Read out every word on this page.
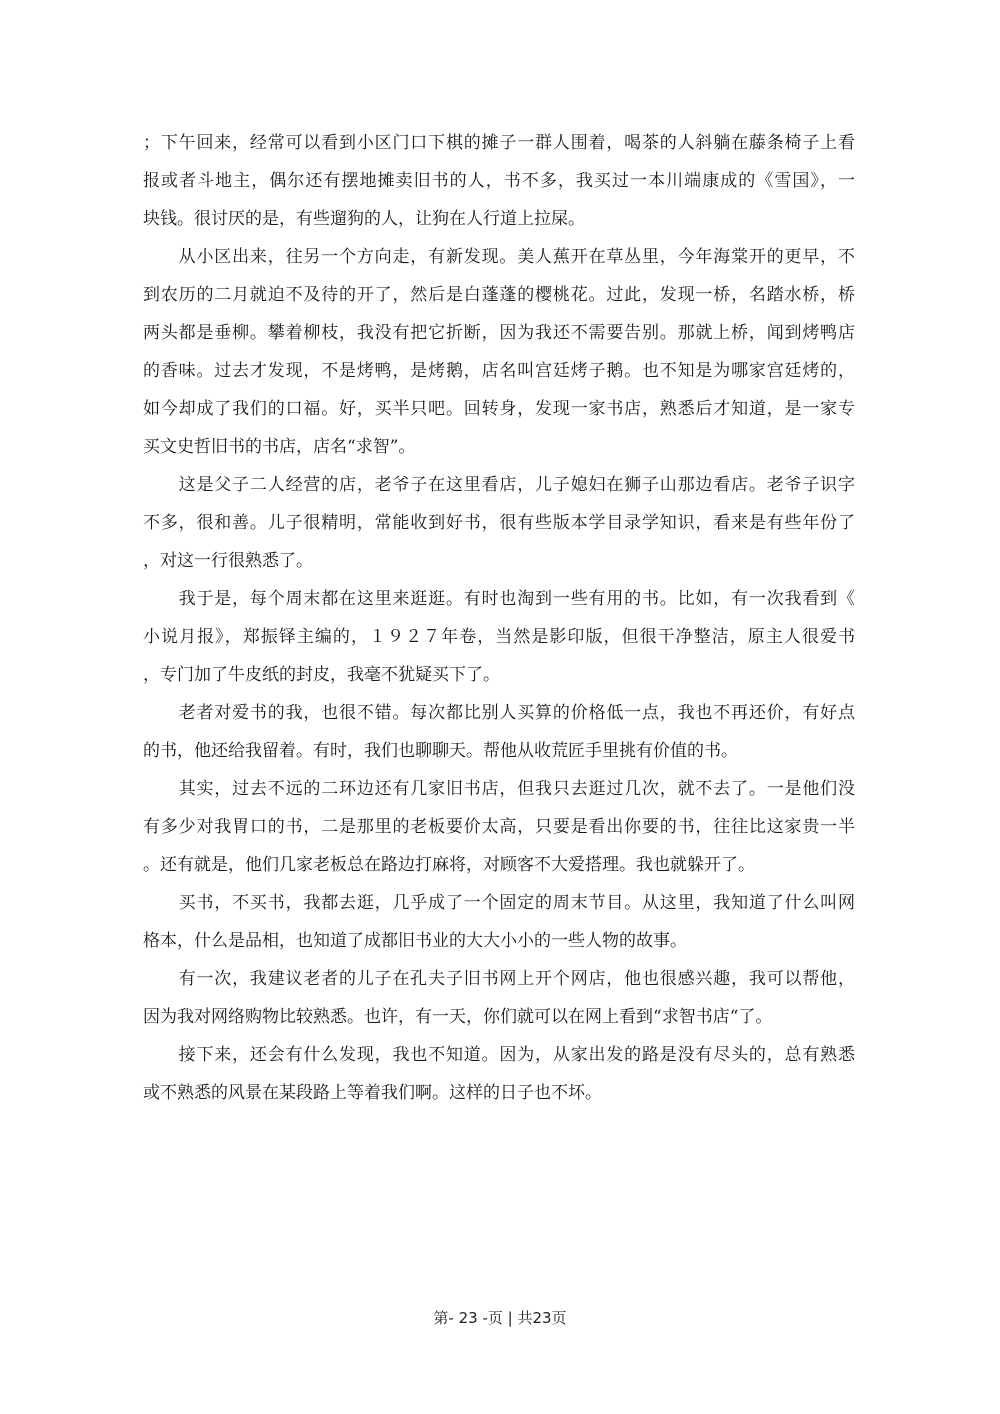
；下午回来，经常可以看到小区门口下棋的摊子一群人围着，喝茶的人斜躺在藤条椅子上看
报或者斗地主，偶尔还有摆地摊卖旧书的人，书不多，我买过一本川端康成的《雪国》，一
块钱。很讨厌的是，有些遛狗的人，让狗在人行道上拉屎。
　　从小区出来，往另一个方向走，有新发现。美人蕉开在草丛里，今年海棠开的更早，不
到农历的二月就迫不及待的开了，然后是白蓬蓬的樱桃花。过此，发现一桥，名踏水桥，桥
两头都是垂柳。攀着柳枝，我没有把它折断，因为我还不需要告别。那就上桥，闻到烤鸭店
的香味。过去才发现，不是烤鸭，是烤鹅，店名叫宫廷烤子鹅。也不知是为哪家宫廷烤的，
如今却成了我们的口福。好，买半只吧。回转身，发现一家书店，熟悉后才知道，是一家专
买文史哲旧书的书店，店名“求智”。
　　这是父子二人经营的店，老爷子在这里看店，儿子媳妇在狮子山那边看店。老爷子识字
不多，很和善。儿子很精明，常能收到好书，很有些版本学目录学知识，看来是有些年份了
，对这一行很熟悉了。
　　我于是，每个周末都在这里来逛逛。有时也淘到一些有用的书。比如，有一次我看到《
小说月报》，郑振铎主编的，１９２７年卷，当然是影印版，但很干净整洁，原主人很爱书
，专门加了牛皮纸的封皮，我毫不犹疑买下了。
　　老者对爱书的我，也很不错。每次都比别人买算的价格低一点，我也不再还价，有好点
的书，他还给我留着。有时，我们也聊聊天。帮他从收荒匠手里挑有价值的书。
　　其实，过去不远的二环边还有几家旧书店，但我只去逛过几次，就不去了。一是他们没
有多少对我胃口的书，二是那里的老板要价太高，只要是看出你要的书，往往比这家贵一半
。还有就是，他们几家老板总在路边打麻将，对顾客不大爱搭理。我也就躲开了。
　　买书，不买书，我都去逛，几乎成了一个固定的周末节目。从这里，我知道了什么叫网
格本，什么是品相，也知道了成都旧书业的大大小小的一些人物的故事。
　　有一次，我建议老者的儿子在孔夫子旧书网上开个网店，他也很感兴趣，我可以帮他，
因为我对网络购物比较熟悉。也许，有一天，你们就可以在网上看到“求智书店“了。
　　接下来，还会有什么发现，我也不知道。因为，从家出发的路是没有尽头的，总有熟悉
或不熟悉的风景在某段路上等着我们啊。这样的日子也不坏。
第- 23 -页 | 共23页
